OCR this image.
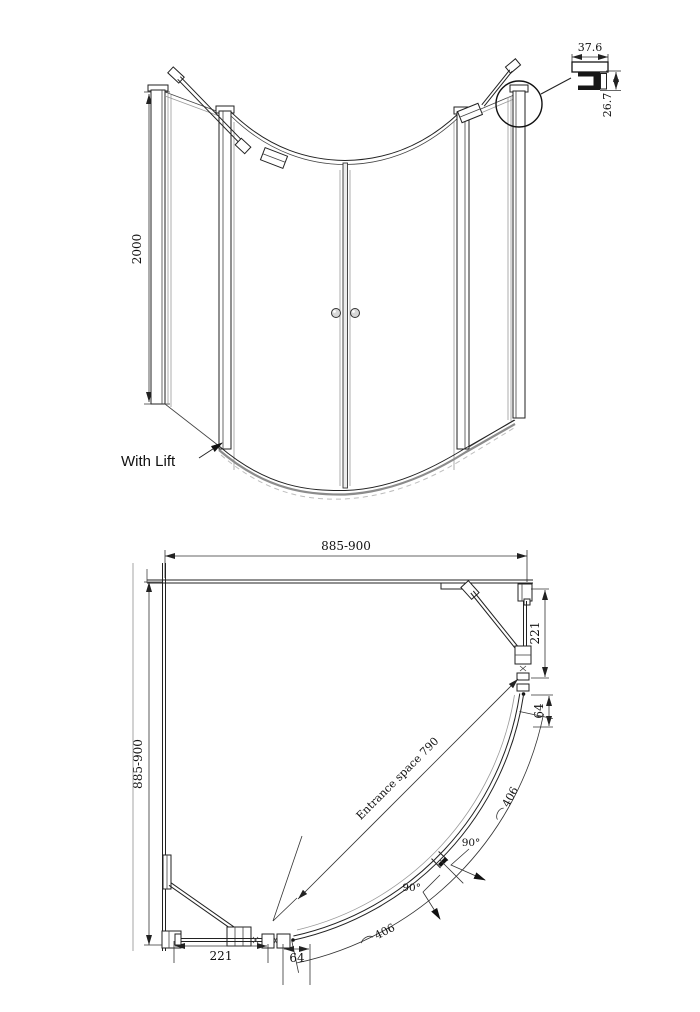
2000
37.6
26.7
With Lift
885-900
885-900
221
64
406
406
90°
90°
Entrance space 790
221	64
